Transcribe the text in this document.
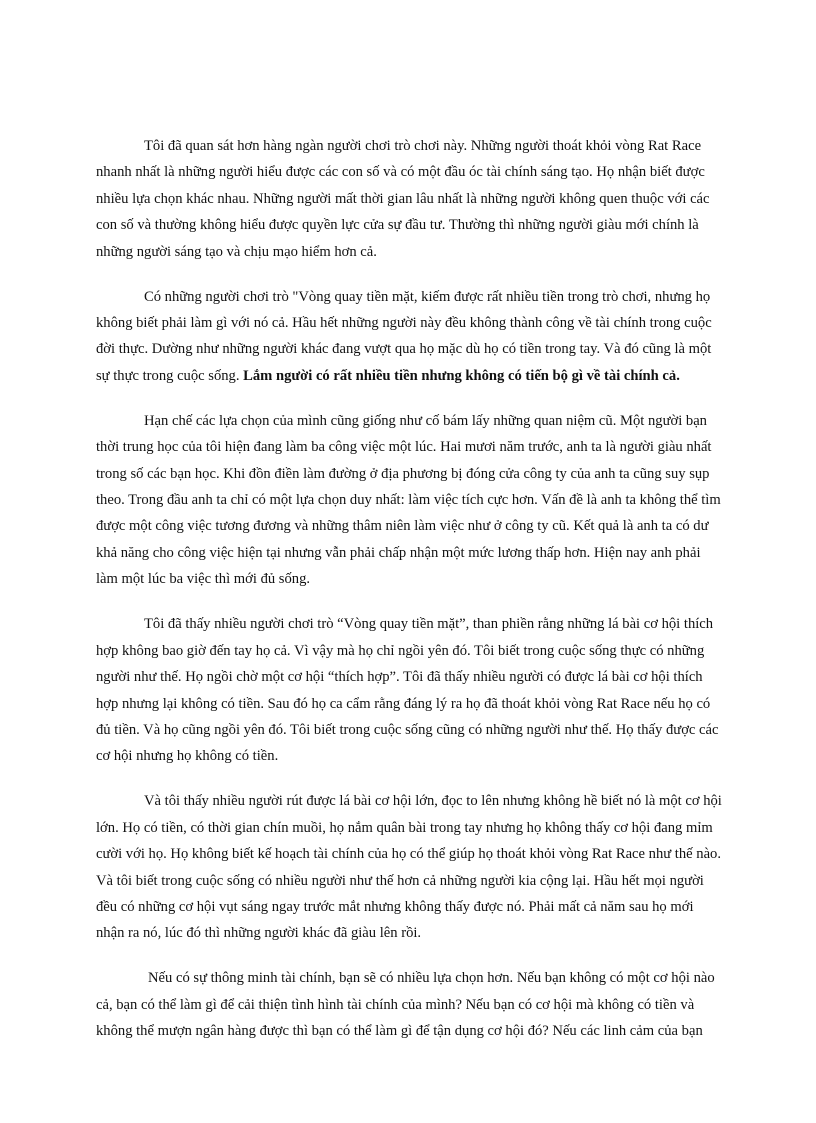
Tôi đã quan sát hơn hàng ngàn người chơi trò chơi này. Những người thoát khỏi vòng Rat Race nhanh nhất là những người hiểu được các con số và có một đầu óc tài chính sáng tạo. Họ nhận biết được nhiều lựa chọn khác nhau. Những người mất thời gian lâu nhất là những người không quen thuộc với các con số và thường không hiểu được quyền lực cửa sự đầu tư. Thường thì những người giàu mới chính là những người sáng tạo và chịu mạo hiểm hơn cả.

Có những người chơi trò "Vòng quay tiền mặt, kiếm được rất nhiều tiền trong trò chơi, nhưng họ không biết phải làm gì với nó cả. Hầu hết những người này đều không thành công về tài chính trong cuộc đời thực. Dường như những người khác đang vượt qua họ mặc dù họ có tiền trong tay. Và đó cũng là một sự thực trong cuộc sống. Lắm người có rất nhiều tiền nhưng không có tiến bộ gì về tài chính cả.

Hạn chế các lựa chọn của mình cũng giống như cố bám lấy những quan niệm cũ. Một người bạn thời trung học của tôi hiện đang làm ba công việc một lúc. Hai mươi năm trước, anh ta là người giàu nhất trong số các bạn học. Khi đồn điền làm đường ở địa phương bị đóng cửa công ty của anh ta cũng suy sụp theo. Trong đầu anh ta chỉ có một lựa chọn duy nhất: làm việc tích cực hơn. Vấn đề là anh ta không thể tìm được một công việc tương đương và những thâm niên làm việc như ở công ty cũ. Kết quả là anh ta có dư khả năng cho công việc hiện tại nhưng vẫn phải chấp nhận một mức lương thấp hơn. Hiện nay anh phải làm một lúc ba việc thì mới đủ sống.

Tôi đã thấy nhiều người chơi trò “Vòng quay tiền mặt”, than phiền rằng những lá bài cơ hội thích hợp không bao giờ đến tay họ cả. Vì vậy mà họ chỉ ngồi yên đó. Tôi biết trong cuộc sống thực có những người như thế. Họ ngồi chờ một cơ hội “thích hợp”. Tôi đã thấy nhiều người có được lá bài cơ hội thích hợp nhưng lại không có tiền. Sau đó họ ca cẩm rằng đáng lý ra họ đã thoát khỏi vòng Rat Race nếu họ có đủ tiền. Và họ cũng ngồi yên đó. Tôi biết trong cuộc sống cũng có những người như thế. Họ thấy được các cơ hội nhưng họ không có tiền.

Và tôi thấy nhiều người rút được lá bài cơ hội lớn, đọc to lên nhưng không hề biết nó là một cơ hội lớn. Họ có tiền, có thời gian chín muồi, họ nắm quân bài trong tay nhưng họ không thấy cơ hội đang mỉm cười với họ. Họ không biết kế hoạch tài chính của họ có thể giúp họ thoát khỏi vòng Rat Race như thế nào. Và tôi biết trong cuộc sống có nhiều người như thế hơn cả những người kia cộng lại. Hầu hết mọi người đều có những cơ hội vụt sáng ngay trước mắt nhưng không thấy được nó. Phải mất cả năm sau họ mới nhận ra nó, lúc đó thì những người khác đã giàu lên rồi.

Nếu có sự thông minh tài chính, bạn sẽ có nhiều lựa chọn hơn. Nếu bạn không có một cơ hội nào cả, bạn có thể làm gì để cải thiện tình hình tài chính của mình? Nếu bạn có cơ hội mà không có tiền và không thể mượn ngân hàng được thì bạn có thể làm gì để tận dụng cơ hội đó? Nếu các linh cảm của bạn
